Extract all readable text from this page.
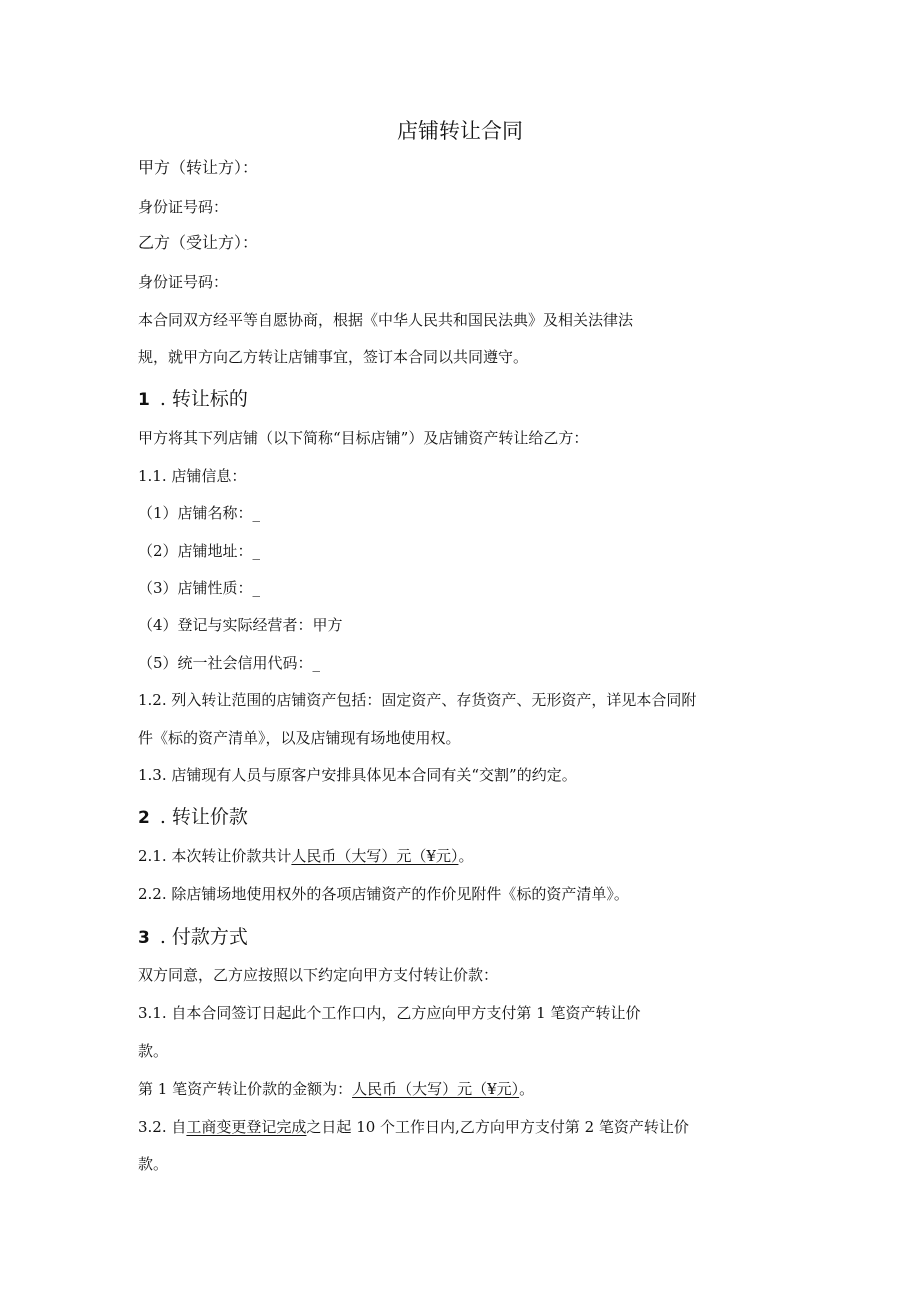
店铺转让合同
甲方（转让方）：
身份证号码：
乙方（受让方）：
身份证号码：
本合同双方经平等自愿协商，根据《中华人民共和国民法典》及相关法律法
规，就甲方向乙方转让店铺事宜，签订本合同以共同遵守。
1 . 转让标的
甲方将其下列店铺（以下简称“目标店铺”）及店铺资产转让给乙方：
1.1. 店铺信息：
（1）店铺名称：_
（2）店铺地址：_
（3）店铺性质：_
（4）登记与实际经营者：甲方
（5）统一社会信用代码：_
1.2. 列入转让范围的店铺资产包括：固定资产、存货资产、无形资产，详见本合同附
件《标的资产清单》，以及店铺现有场地使用权。
1.3. 店铺现有人员与原客户安排具体见本合同有关“交割”的约定。
2 . 转让价款
2.1. 本次转让价款共计人民币（大写）元（¥元）。
2.2. 除店铺场地使用权外的各项店铺资产的作价见附件《标的资产清单》。
3 . 付款方式
双方同意，乙方应按照以下约定向甲方支付转让价款：
3.1. 自本合同签订日起此个工作口内，乙方应向甲方支付第 1 笔资产转让价
款。
第 1 笔资产转让价款的金额为：人民币（大写）元（¥元）。
3.2. 自工商变更登记完成之日起 10 个工作日内,乙方向甲方支付第 2 笔资产转让价
款。
